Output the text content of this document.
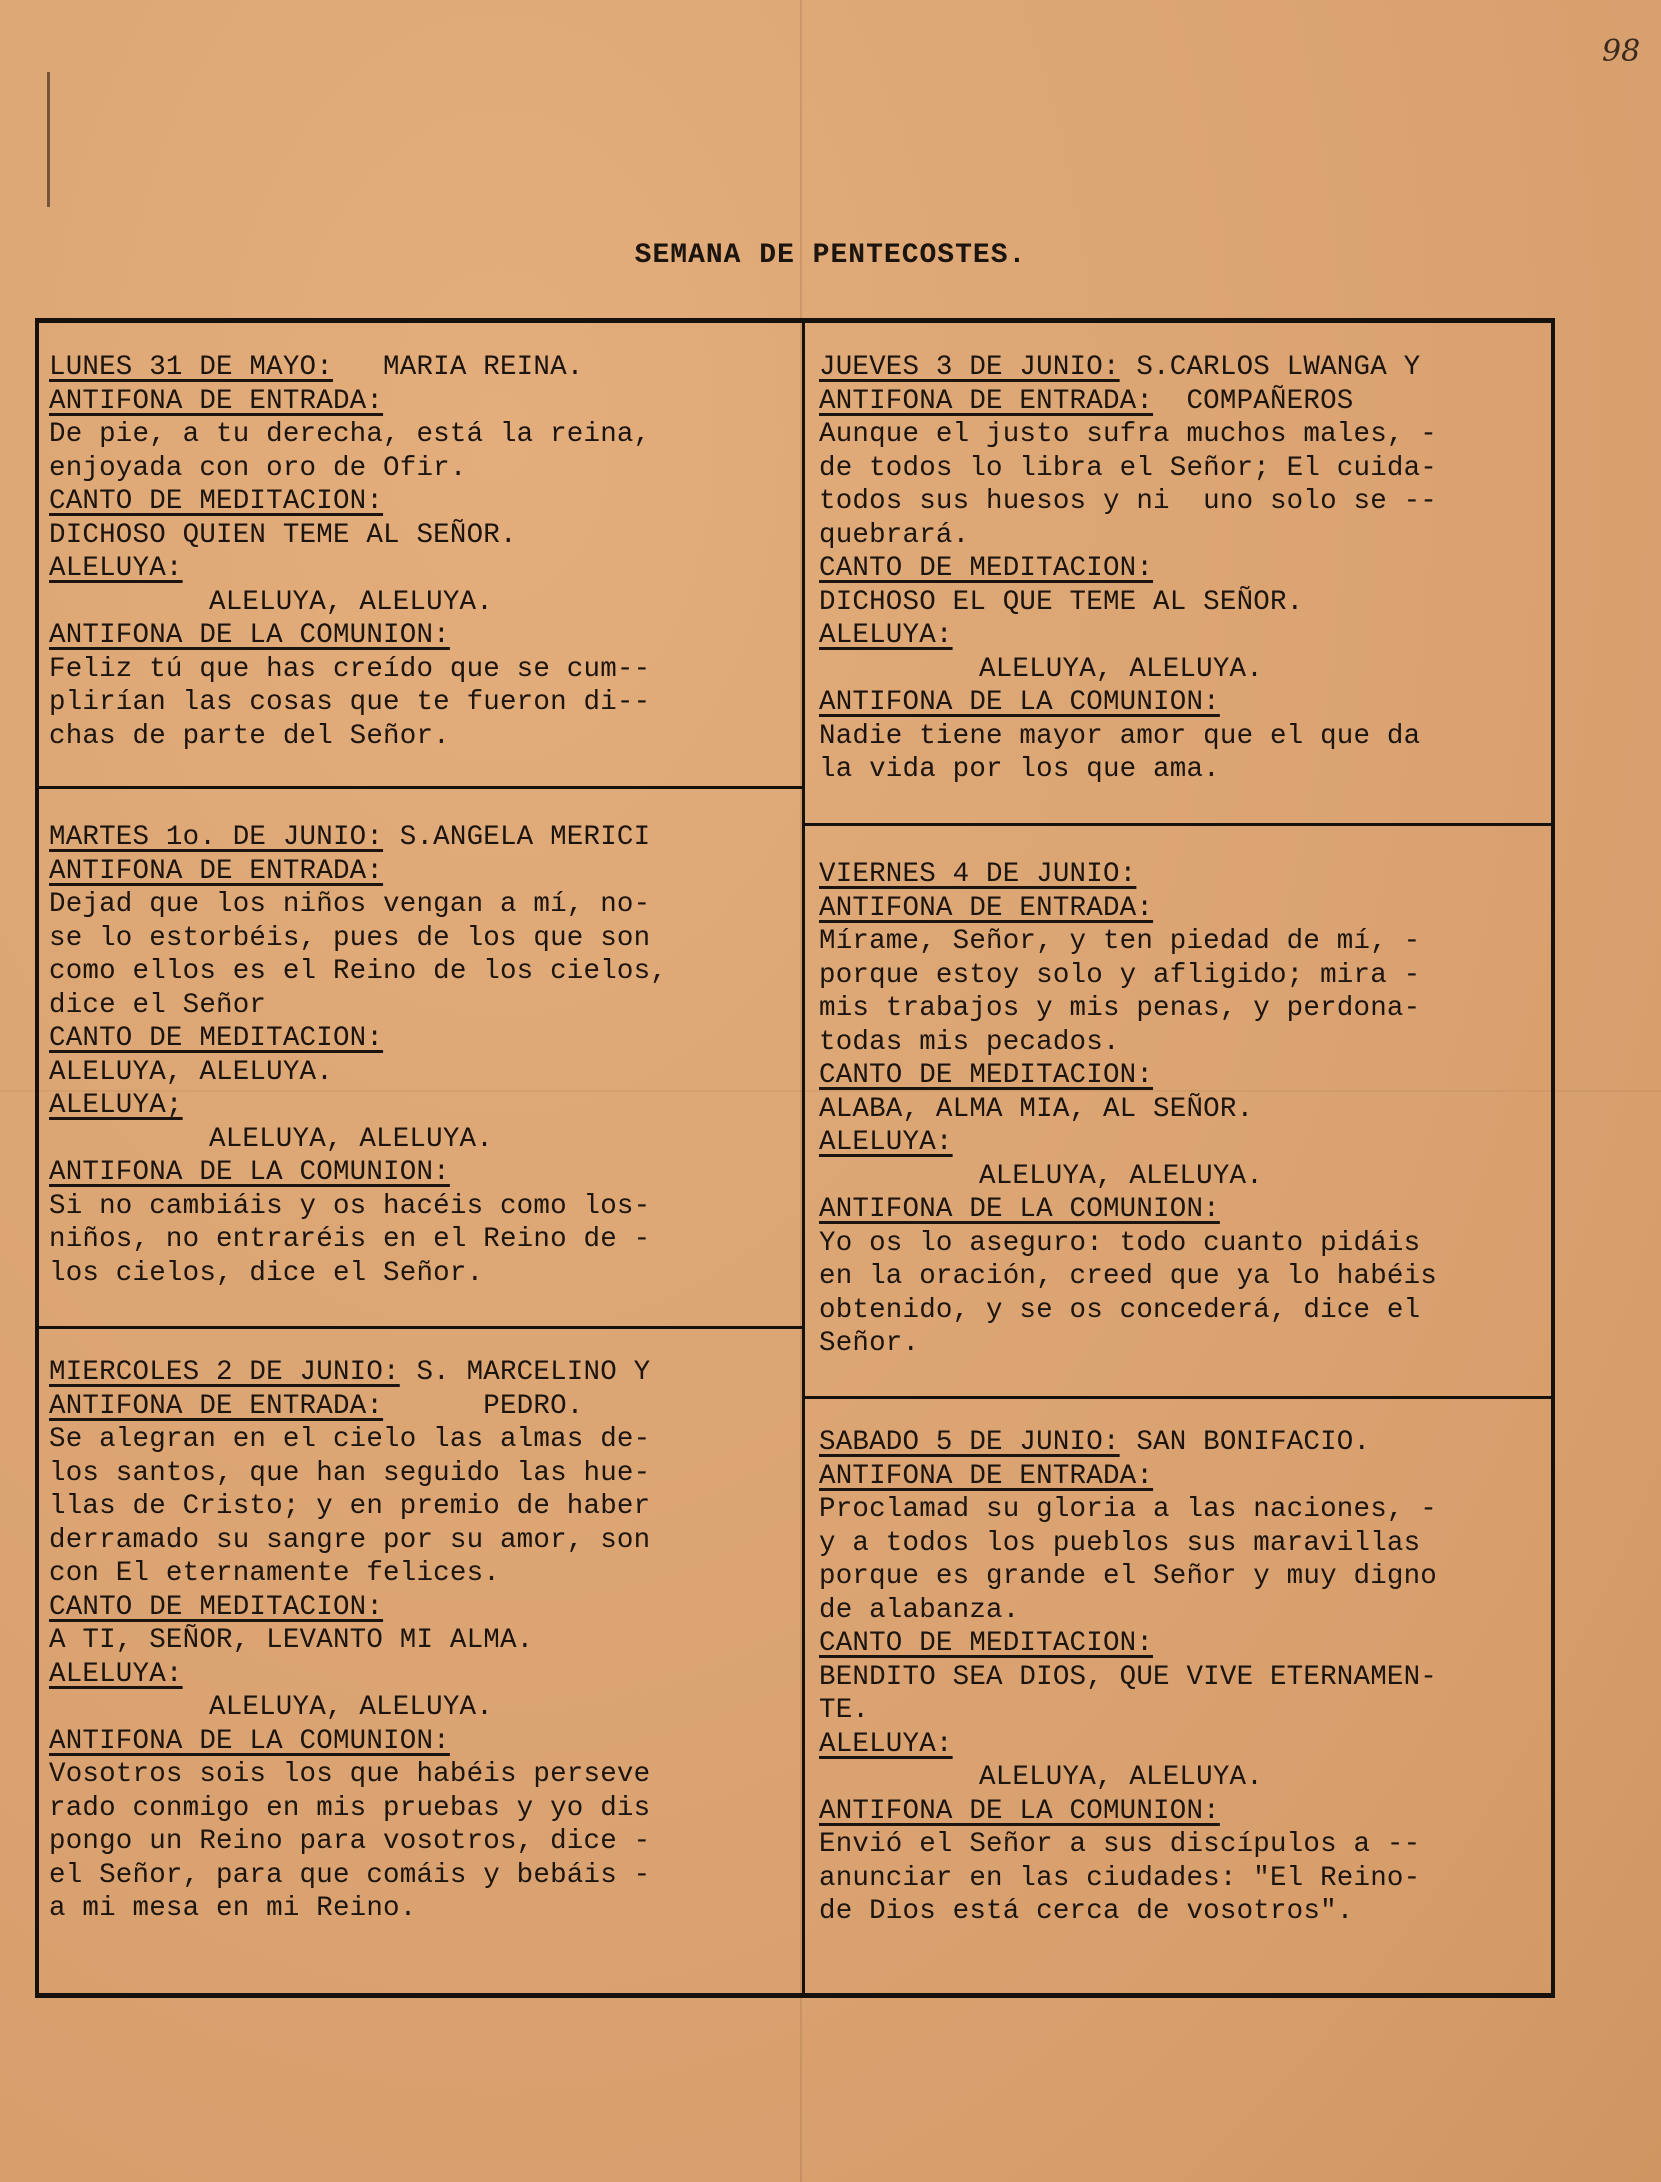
98
SEMANA DE PENTECOSTES.
LUNES 31 DE MAYO:   MARIA REINA.
ANTIFONA DE ENTRADA:
De pie, a tu derecha, está la reina,
enjoyada con oro de Ofir.
CANTO DE MEDITACION:
DICHOSO QUIEN TEME AL SEÑOR.
ALELUYA:
ALELUYA, ALELUYA.
ANTIFONA DE LA COMUNION:
Feliz tú que has creído que se cum--
plirían las cosas que te fueron di--
chas de parte del Señor.
MARTES 1o. DE JUNIO: S.ANGELA MERICI
ANTIFONA DE ENTRADA:
Dejad que los niños vengan a mí, no-
se lo estorbéis, pues de los que son
como ellos es el Reino de los cielos,
dice el Señor
CANTO DE MEDITACION:
ALELUYA, ALELUYA.
ALELUYA;
ALELUYA, ALELUYA.
ANTIFONA DE LA COMUNION:
Si no cambiáis y os hacéis como los-
niños, no entraréis en el Reino de -
los cielos, dice el Señor.
MIERCOLES 2 DE JUNIO: S. MARCELINO Y
ANTIFONA DE ENTRADA:      PEDRO.
Se alegran en el cielo las almas de-
los santos, que han seguido las hue-
llas de Cristo; y en premio de haber
derramado su sangre por su amor, son
con El eternamente felices.
CANTO DE MEDITACION:
A TI, SEÑOR, LEVANTO MI ALMA.
ALELUYA:
ALELUYA, ALELUYA.
ANTIFONA DE LA COMUNION:
Vosotros sois los que habéis perseve
rado conmigo en mis pruebas y yo dis
pongo un Reino para vosotros, dice -
el Señor, para que comáis y bebáis -
a mi mesa en mi Reino.
JUEVES 3 DE JUNIO: S.CARLOS LWANGA Y
ANTIFONA DE ENTRADA:  COMPAÑEROS
Aunque el justo sufra muchos males, -
de todos lo libra el Señor; El cuida-
todos sus huesos y ni  uno solo se --
quebrará.
CANTO DE MEDITACION:
DICHOSO EL QUE TEME AL SEÑOR.
ALELUYA:
ALELUYA, ALELUYA.
ANTIFONA DE LA COMUNION:
Nadie tiene mayor amor que el que da
la vida por los que ama.
VIERNES 4 DE JUNIO:
ANTIFONA DE ENTRADA:
Mírame, Señor, y ten piedad de mí, -
porque estoy solo y afligido; mira -
mis trabajos y mis penas, y perdona-
todas mis pecados.
CANTO DE MEDITACION:
ALABA, ALMA MIA, AL SEÑOR.
ALELUYA:
ALELUYA, ALELUYA.
ANTIFONA DE LA COMUNION:
Yo os lo aseguro: todo cuanto pidáis
en la oración, creed que ya lo habéis
obtenido, y se os concederá, dice el
Señor.
SABADO 5 DE JUNIO: SAN BONIFACIO.
ANTIFONA DE ENTRADA:
Proclamad su gloria a las naciones, -
y a todos los pueblos sus maravillas
porque es grande el Señor y muy digno
de alabanza.
CANTO DE MEDITACION:
BENDITO SEA DIOS, QUE VIVE ETERNAMEN-
TE.
ALELUYA:
ALELUYA, ALELUYA.
ANTIFONA DE LA COMUNION:
Envió el Señor a sus discípulos a --
anunciar en las ciudades: "El Reino-
de Dios está cerca de vosotros".
